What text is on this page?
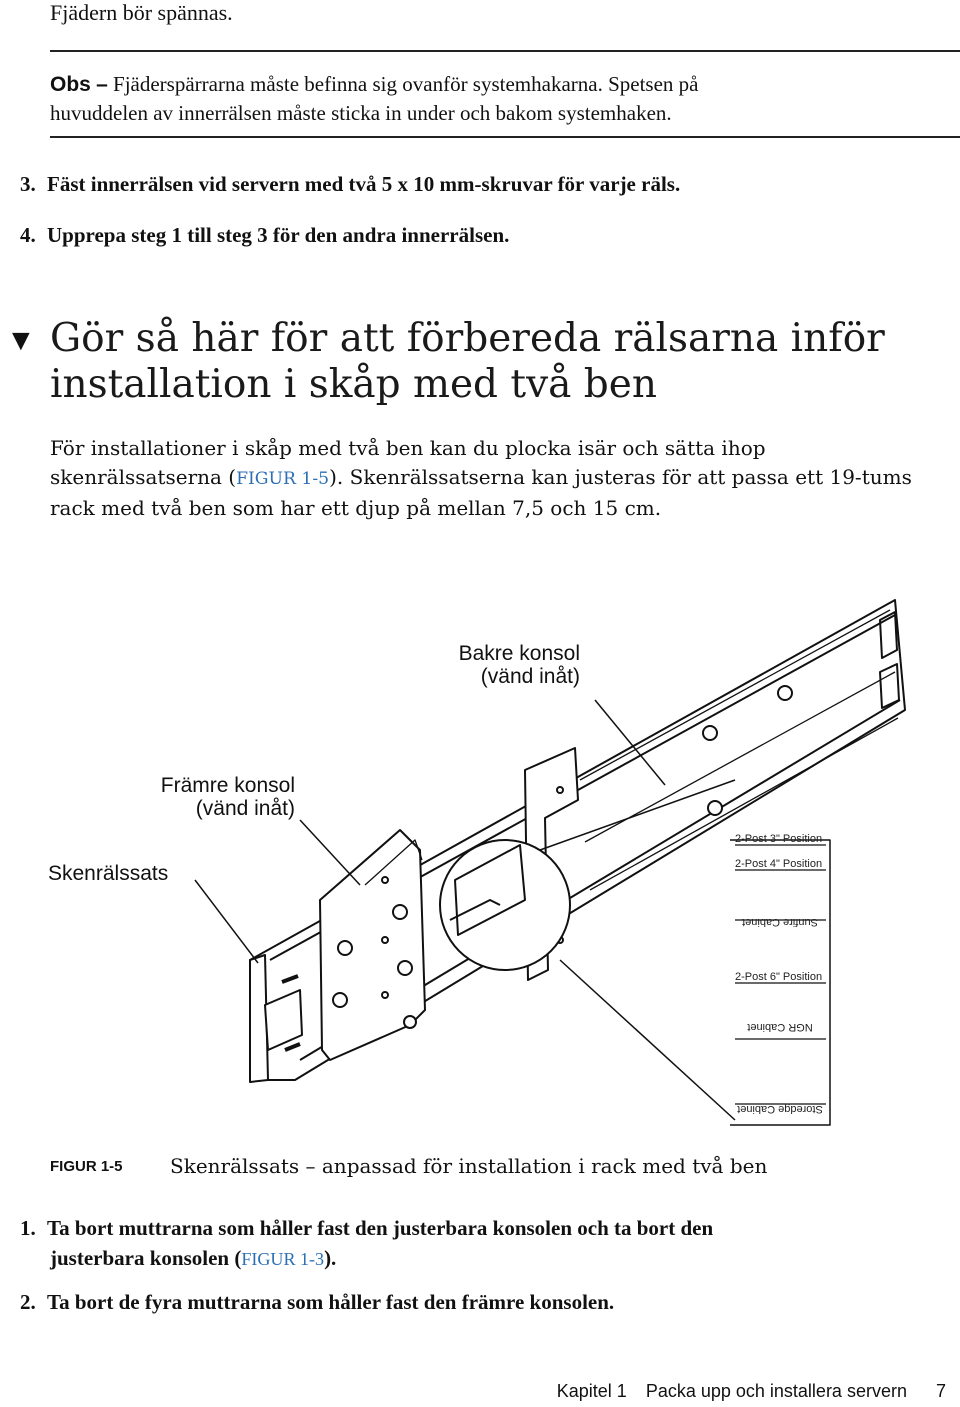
Fjädern bör spännas.
Obs – Fjäderspärrarna måste befinna sig ovanför systemhakarna. Spetsen på
huvuddelen av innerrälsen måste sticka in under och bakom systemhaken.
3. Fäst innerrälsen vid servern med två 5 x 10 mm-skruvar för varje räls.
4. Upprepa steg 1 till steg 3 för den andra innerrälsen.
▼ Gör så här för att förbereda rälsarna inför
installation i skåp med två ben
För installationer i skåp med två ben kan du plocka isär och sätta ihop
skenrälssatserna (FIGUR 1-5). Skenrälssatserna kan justeras för att passa ett 19-tums
rack med två ben som har ett djup på mellan 7,5 och 15 cm.
Bakre konsol
(vänd inåt)
Främre konsol
(vänd inåt)
Skenrälssats
2-Post 3" Position
2-Post 4" Position
Sunfire Cabinet
2-Post 6" Position
NGR Cabinet
Storedge Cabinet
FIGUR 1-5 Skenrälssats – anpassad för installation i rack med två ben
1. Ta bort muttrarna som håller fast den justerbara konsolen och ta bort den
justerbara konsolen (FIGUR 1-3).
2. Ta bort de fyra muttrarna som håller fast den främre konsolen.
Kapitel 1 Packa upp och installera servern 7
